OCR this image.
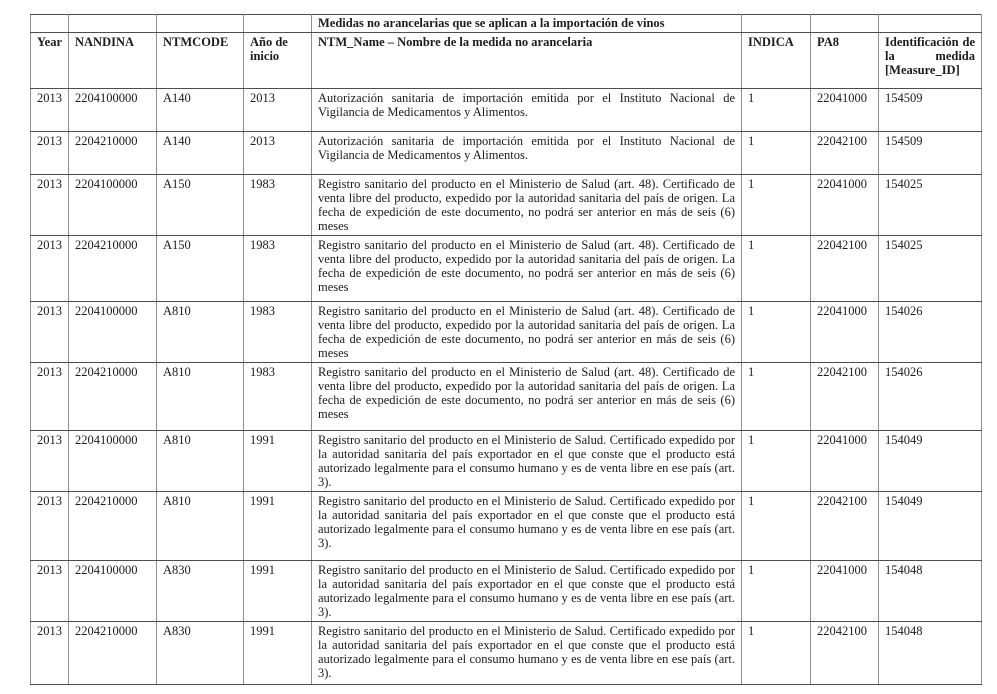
				Medidas no arancelarias que se aplican a la importación de vinos			
Year	NANDINA	NTMCODE	Año de inicio	NTM_Name – Nombre de la medida no arancelaria	INDICA	PA8	Identificación de la medida [Measure_ID]
2013	2204100000	A140	2013	Autorización sanitaria de importación emitida por el Instituto Nacional de Vigilancia de Medicamentos y Alimentos.	1	22041000	154509
2013	2204210000	A140	2013	Autorización sanitaria de importación emitida por el Instituto Nacional de Vigilancia de Medicamentos y Alimentos.	1	22042100	154509
2013	2204100000	A150	1983	Registro sanitario del producto en el Ministerio de Salud (art. 48). Certificado de venta libre del producto, expedido por la autoridad sanitaria del país de origen. La fecha de expedición de este documento, no podrá ser anterior en más de seis (6) meses	1	22041000	154025
2013	2204210000	A150	1983	Registro sanitario del producto en el Ministerio de Salud (art. 48). Certificado de venta libre del producto, expedido por la autoridad sanitaria del país de origen. La fecha de expedición de este documento, no podrá ser anterior en más de seis (6) meses	1	22042100	154025
2013	2204100000	A810	1983	Registro sanitario del producto en el Ministerio de Salud (art. 48). Certificado de venta libre del producto, expedido por la autoridad sanitaria del país de origen. La fecha de expedición de este documento, no podrá ser anterior en más de seis (6) meses	1	22041000	154026
2013	2204210000	A810	1983	Registro sanitario del producto en el Ministerio de Salud (art. 48). Certificado de venta libre del producto, expedido por la autoridad sanitaria del país de origen. La fecha de expedición de este documento, no podrá ser anterior en más de seis (6) meses	1	22042100	154026
2013	2204100000	A810	1991	Registro sanitario del producto en el Ministerio de Salud. Certificado expedido por la autoridad sanitaria del país exportador en el que conste que el producto está autorizado legalmente para el consumo humano y es de venta libre en ese país (art. 3).	1	22041000	154049
2013	2204210000	A810	1991	Registro sanitario del producto en el Ministerio de Salud. Certificado expedido por la autoridad sanitaria del país exportador en el que conste que el producto está autorizado legalmente para el consumo humano y es de venta libre en ese país (art. 3).	1	22042100	154049
2013	2204100000	A830	1991	Registro sanitario del producto en el Ministerio de Salud. Certificado expedido por la autoridad sanitaria del país exportador en el que conste que el producto está autorizado legalmente para el consumo humano y es de venta libre en ese país (art. 3).	1	22041000	154048
2013	2204210000	A830	1991	Registro sanitario del producto en el Ministerio de Salud. Certificado expedido por la autoridad sanitaria del país exportador en el que conste que el producto está autorizado legalmente para el consumo humano y es de venta libre en ese país (art. 3).	1	22042100	154048
